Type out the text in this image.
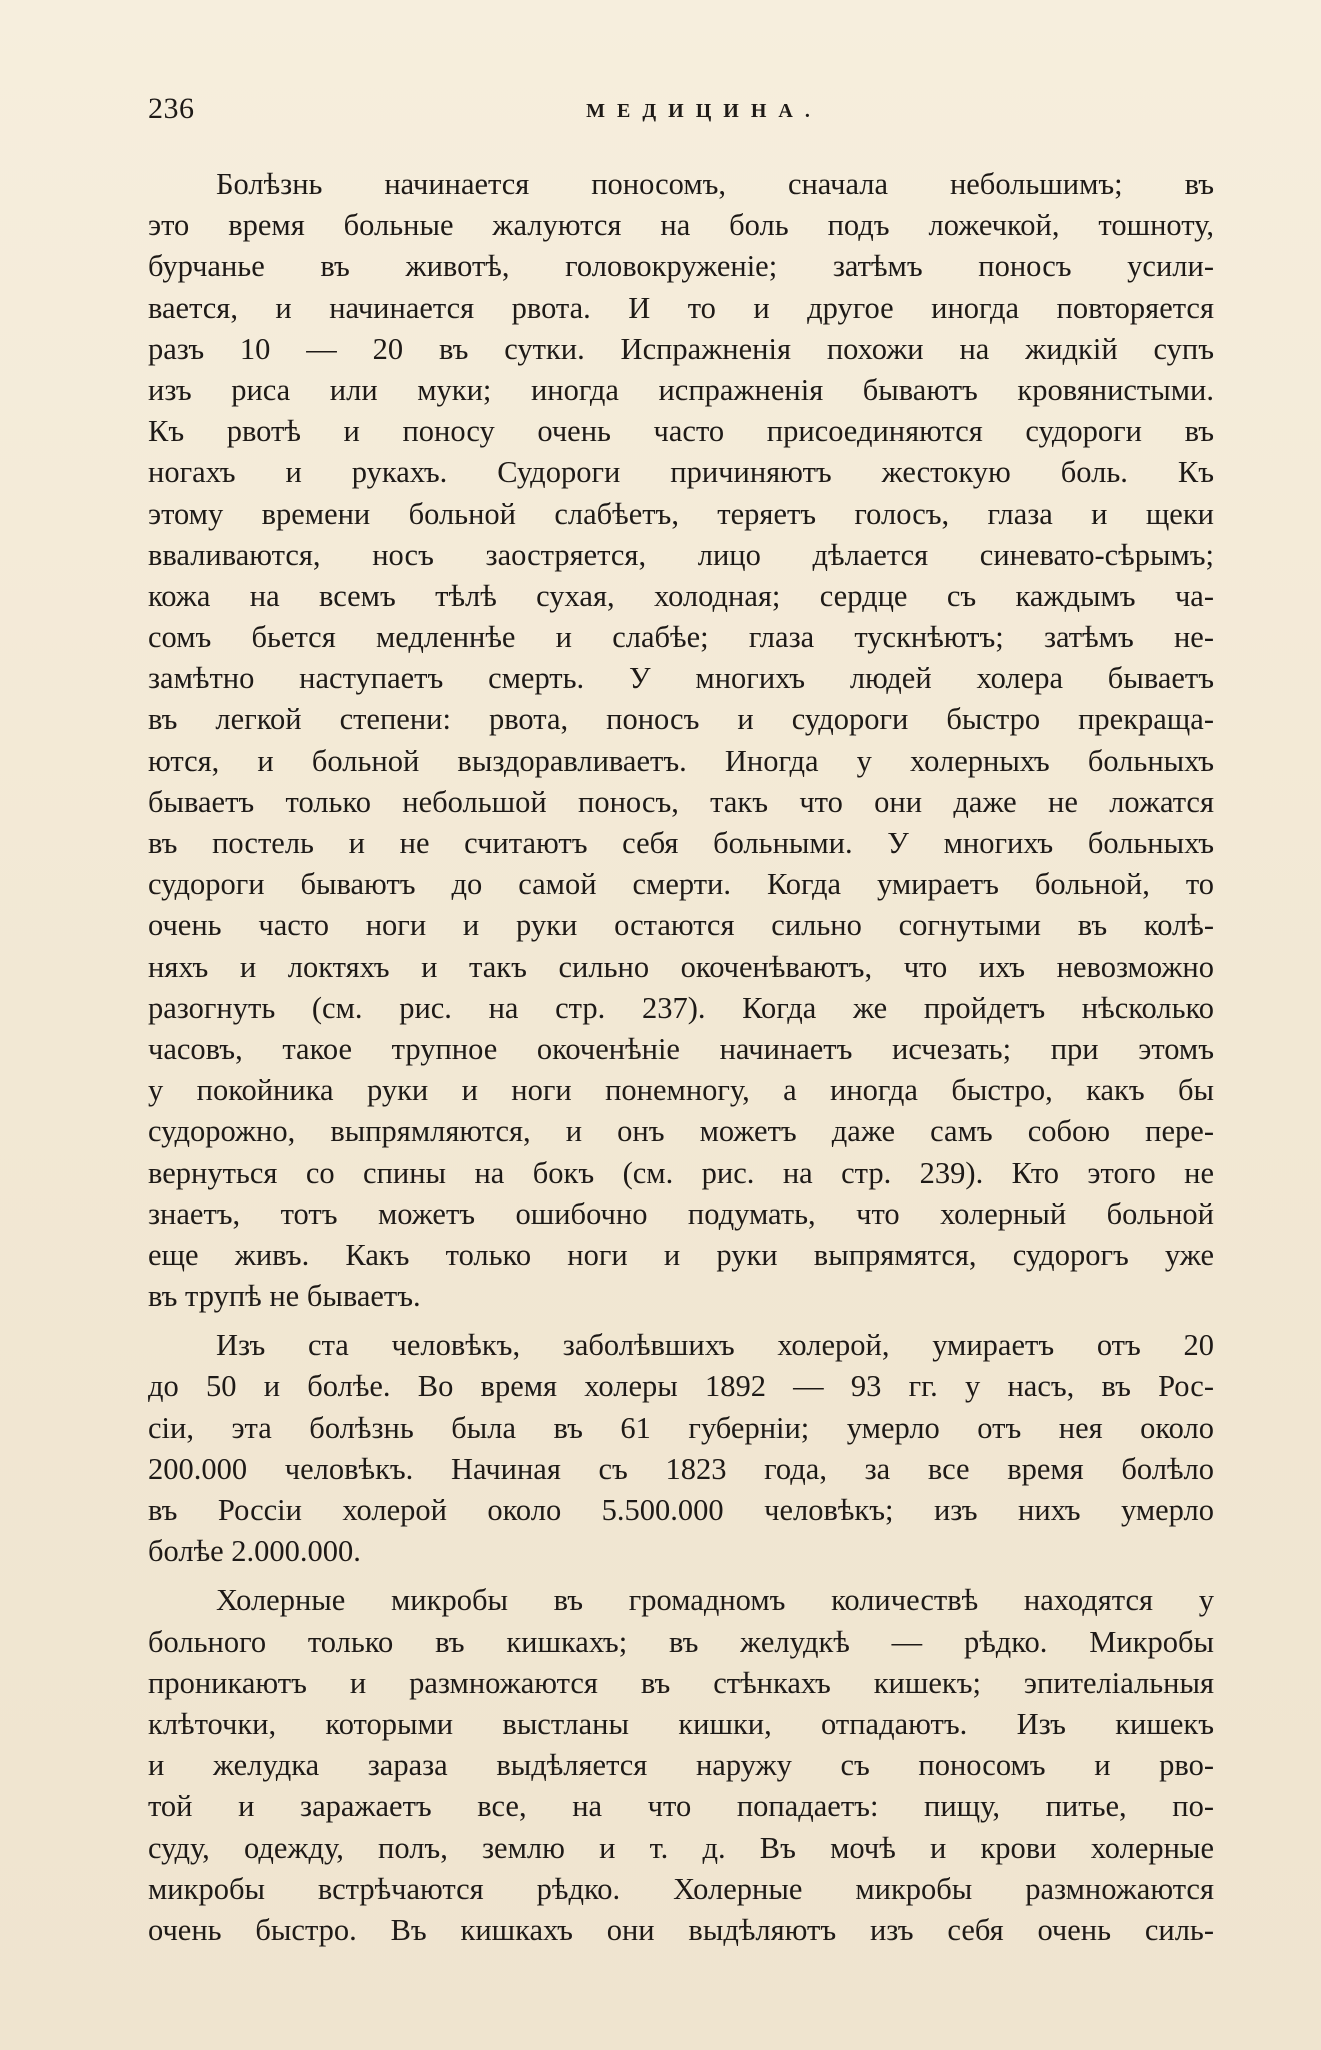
236	МЕДИЦИНА.
Болѣзнь начинается поносомъ, сначала небольшимъ; въ
это время больные жалуются на боль подъ ложечкой, тошноту,
бурчанье въ животѣ, головокруженіе; затѣмъ поносъ усили-
вается, и начинается рвота. И то и другое иногда повторяется
разъ 10 — 20 въ сутки. Испражненія похожи на жидкій супъ
изъ риса или муки; иногда испражненія бываютъ кровянистыми.
Къ рвотѣ и поносу очень часто присоединяются судороги въ
ногахъ и рукахъ. Судороги причиняютъ жестокую боль. Къ
этому времени больной слабѣетъ, теряетъ голосъ, глаза и щеки
вваливаются, носъ заостряется, лицо дѣлается синевато-сѣрымъ;
кожа на всемъ тѣлѣ сухая, холодная; сердце съ каждымъ ча-
сомъ бьется медленнѣе и слабѣе; глаза тускнѣютъ; затѣмъ не-
замѣтно наступаетъ смерть. У многихъ людей холера бываетъ
въ легкой степени: рвота, поносъ и судороги быстро прекраща-
ются, и больной выздоравливаетъ. Иногда у холерныхъ больныхъ
бываетъ только небольшой поносъ, такъ что они даже не ложатся
въ постель и не считаютъ себя больными. У многихъ больныхъ
судороги бываютъ до самой смерти. Когда умираетъ больной, то
очень часто ноги и руки остаются сильно согнутыми въ колѣ-
няхъ и локтяхъ и такъ сильно окоченѣваютъ, что ихъ невозможно
разогнуть (см. рис. на стр. 237). Когда же пройдетъ нѣсколько
часовъ, такое трупное окоченѣніе начинаетъ исчезать; при этомъ
у покойника руки и ноги понемногу, а иногда быстро, какъ бы
судорожно, выпрямляются, и онъ можетъ даже самъ собою пере-
вернуться со спины на бокъ (см. рис. на стр. 239). Кто этого не
знаетъ, тотъ можетъ ошибочно подумать, что холерный больной
еще живъ. Какъ только ноги и руки выпрямятся, судорогъ уже
въ трупѣ не бываетъ.
Изъ ста человѣкъ, заболѣвшихъ холерой, умираетъ отъ 20
до 50 и болѣе. Во время холеры 1892 — 93 гг. у насъ, въ Рос-
сіи, эта болѣзнь была въ 61 губерніи; умерло отъ нея около
200.000 человѣкъ. Начиная съ 1823 года, за все время болѣло
въ Россіи холерой около 5.500.000 человѣкъ; изъ нихъ умерло
болѣе 2.000.000.
Холерные микробы въ громадномъ количествѣ находятся у
больного только въ кишкахъ; въ желудкѣ — рѣдко. Микробы
проникаютъ и размножаются въ стѣнкахъ кишекъ; эпителіальныя
клѣточки, которыми выстланы кишки, отпадаютъ. Изъ кишекъ
и желудка зараза выдѣляется наружу съ поносомъ и рво-
той и заражаетъ все, на что попадаетъ: пищу, питье, по-
суду, одежду, полъ, землю и т. д. Въ мочѣ и крови холерные
микробы встрѣчаются рѣдко. Холерные микробы размножаются
очень быстро. Въ кишкахъ они выдѣляютъ изъ себя очень силь-
